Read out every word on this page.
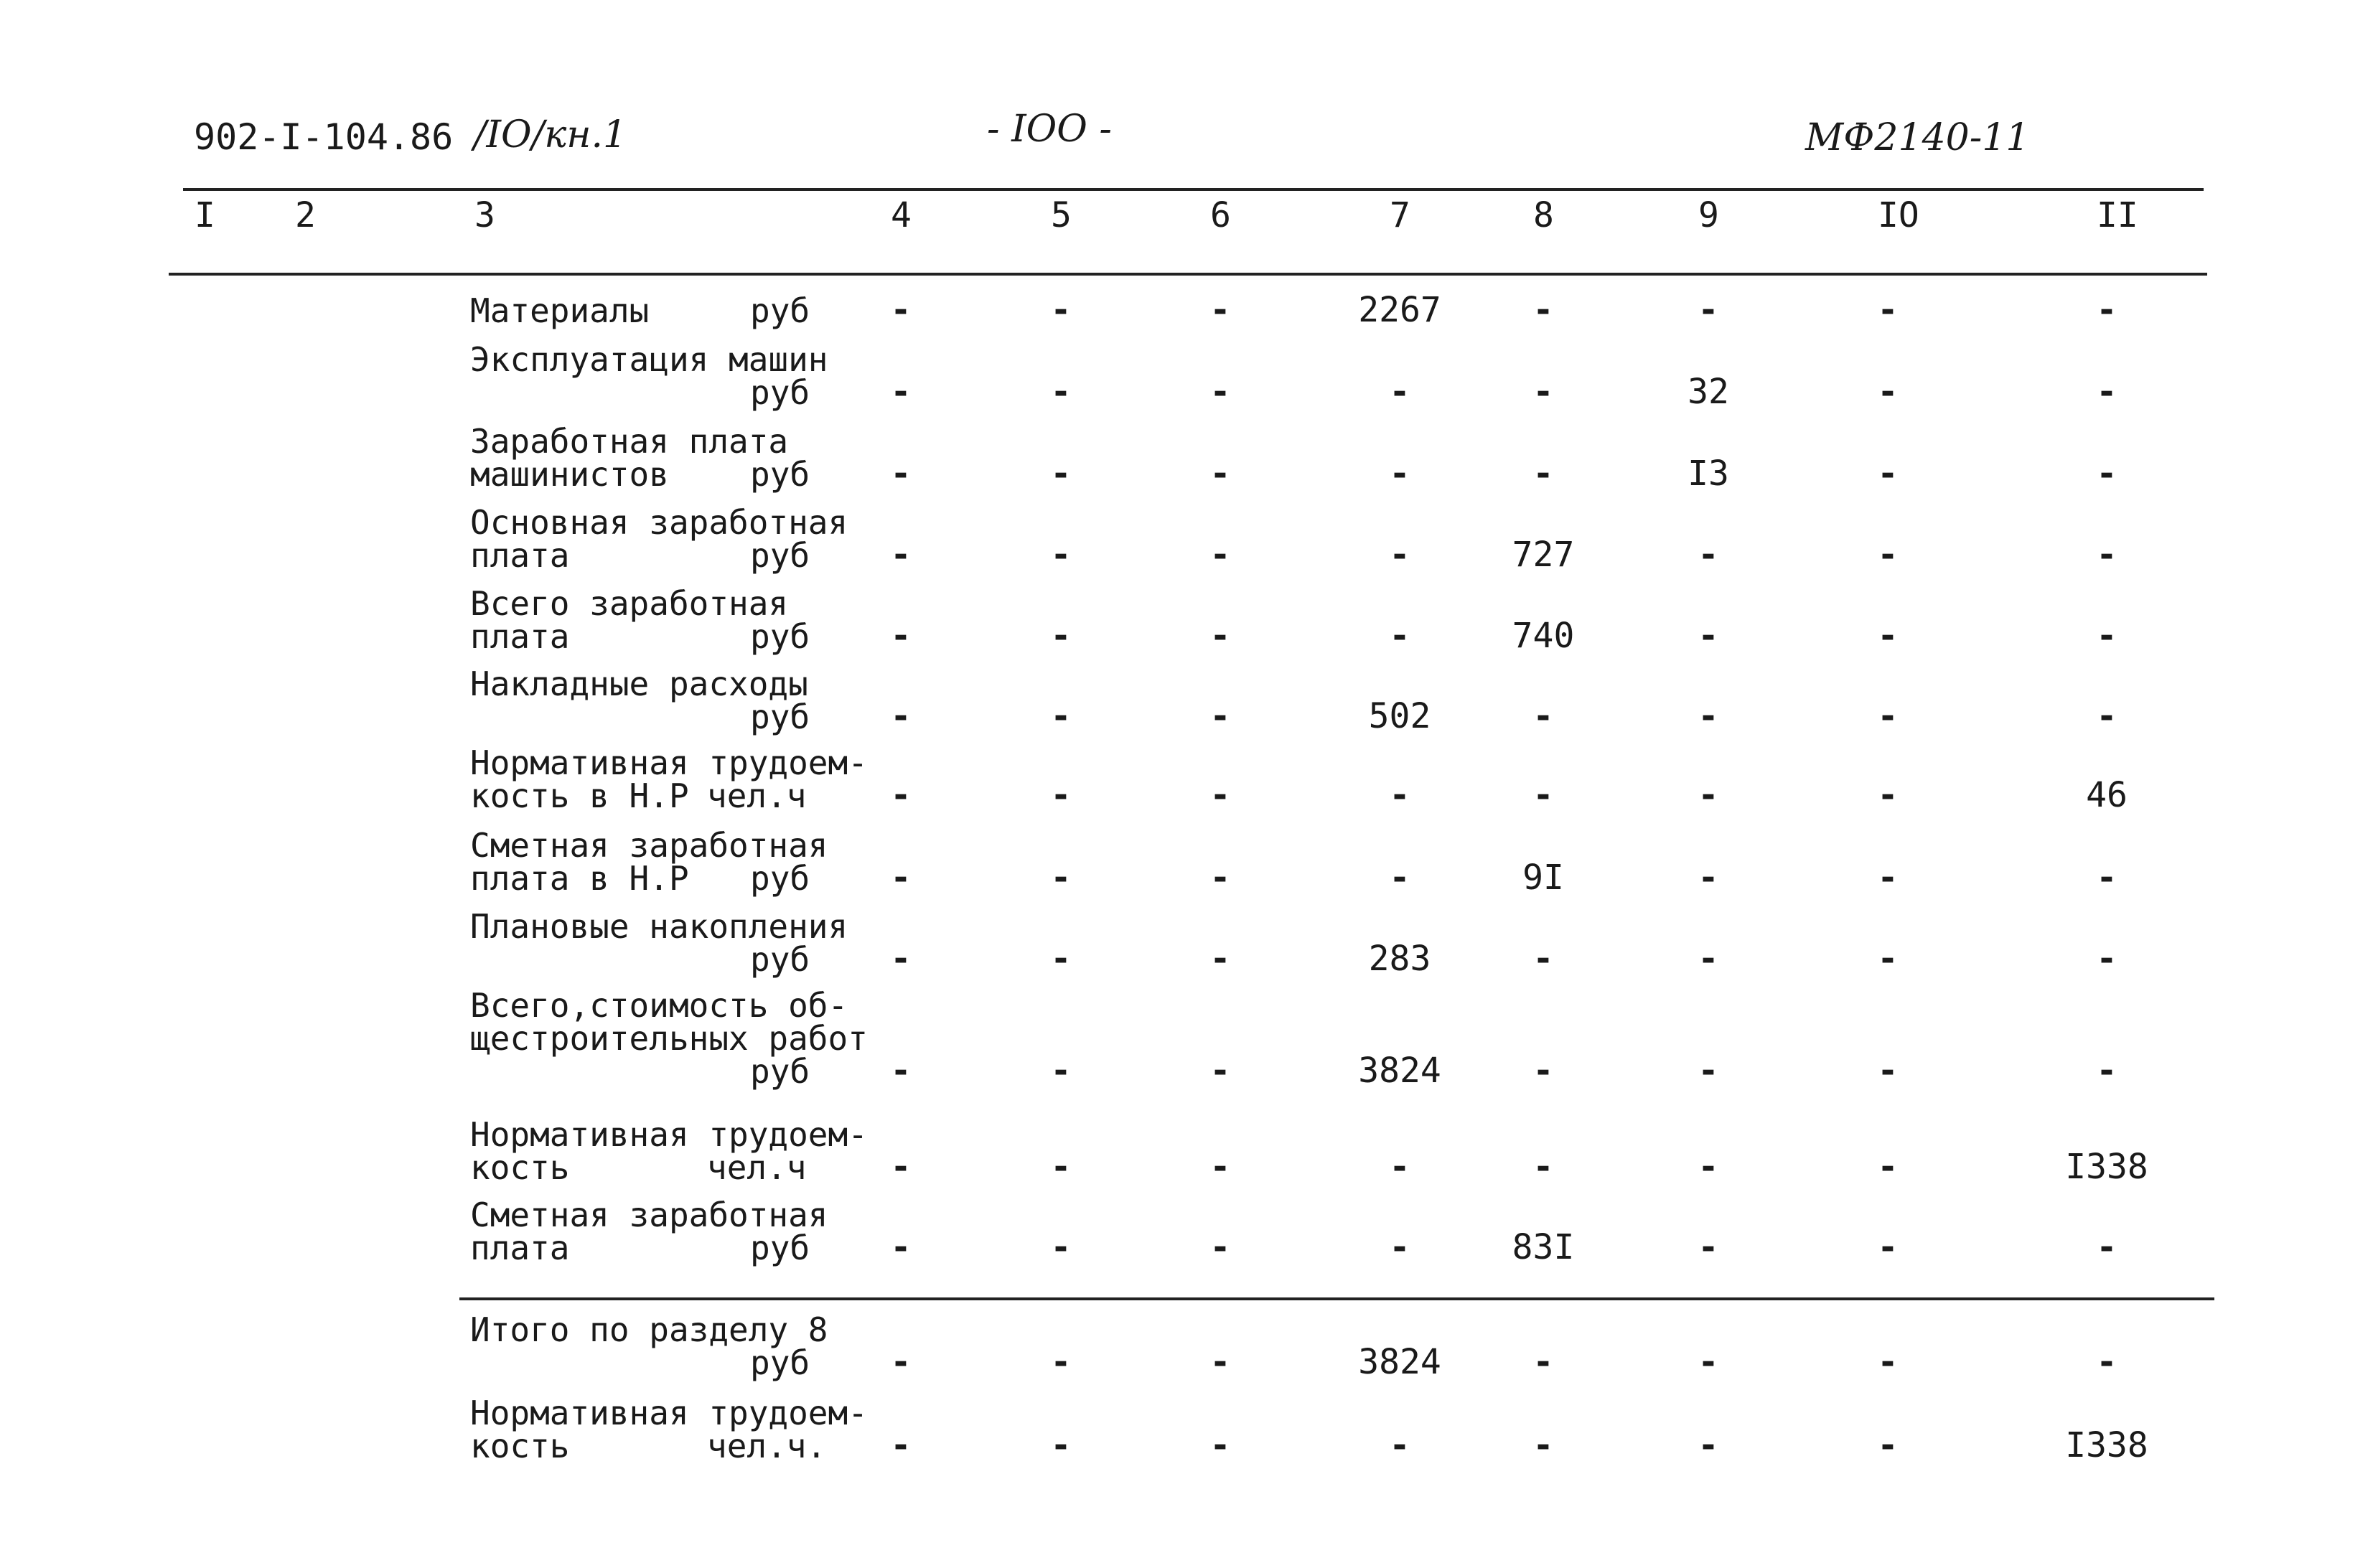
902-I-104.86 /IO/кн.1	- IOO -	МФ2140-11
I 2	3	4	5	6	7	8	9	IO	II
Материалы	руб -	-	-	2267	-	-	-	-
Эксплуатация машин
руб -	-	-	-	-	32	-	-
Заработная плата
машинистов	руб -	-	-	-	-	I3	-	-
Основная заработная
плата	руб -	-	-	-	727	-	-	-
Всего заработная
плата	руб -	-	-	-	740	-	-	-
Накладные расходы
руб -	-	-	502	-	-	-	-
Нормативная трудоем-
кость в Н.Р чел.ч -	-	-	-	-	-	-	46
Сметная заработная
плата в Н.Р	руб -	-	-	-	9I	-	-	-
Плановые накопления
руб -	-	-	283	-	-	-	-
Всего,стоимость об-
щестроительных работ
руб -	-	-	3824	-	-	-	-
Нормативная трудоем-
кость	чел.ч -	-	-	-	-	-	-	I338
Сметная заработная
плата	руб -	-	-	-	83I	-	-	-
Итого по разделу 8
руб -	-	-	3824	-	-	-	-
Нормативная трудоем-
кость	чел.ч. -	-	-	-	-	-	-	I338
